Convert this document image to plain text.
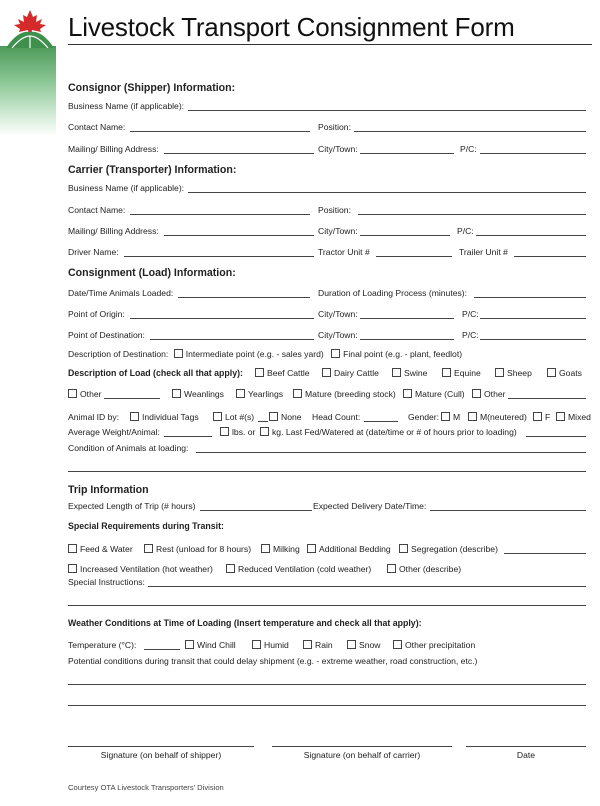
Livestock Transport Consignment Form
Consignor (Shipper) Information:
Business Name (if applicable):
Contact Name:	Position:
Mailing/ Billing Address:	City/Town:	P/C:
Carrier (Transporter) Information:
Business Name (if applicable):
Contact Name:	Position:
Mailing/ Billing Address:	City/Town:	P/C:
Driver Name:	Tractor Unit #	Trailer Unit #
Consignment (Load) Information:
Date/Time Animals Loaded:	Duration of Loading Process (minutes):
Point of Origin:	City/Town:	P/C:
Point of Destination:	City/Town:	P/C:
Description of Destination: Intermediate point (e.g. - sales yard) Final point (e.g. - plant, feedlot)
Description of Load (check all that apply):	Beef Cattle	Dairy Cattle	Swine	Equine	Sheep	Goats
Other	Weanlings	Yearlings	Mature (breeding stock)	Mature (Cull)	Other
Animal ID by:	Individual Tags	Lot #(s)	None Head Count:	Gender:	M	M(neutered)	F	Mixed
Average Weight/Animal:	lbs. or	kg. Last Fed/Watered at (date/time or # of hours prior to loading)
Condition of Animals at loading:
Trip Information
Expected Length of Trip (# hours)	Expected Delivery Date/Time:
Special Requirements during Transit:
Feed & Water	Rest (unload for 8 hours)	Milking	Additional Bedding	Segregation (describe)
Increased Ventilation (hot weather)	Reduced Ventilation (cold weather)	Other (describe)
Special Instructions:
Weather Conditions at Time of Loading (Insert temperature and check all that apply):
Temperature (°C):	Wind Chill	Humid	Rain	Snow	Other precipitation
Potential conditions during transit that could delay shipment (e.g. - extreme weather, road construction, etc.)
Signature (on behalf of shipper)	Signature (on behalf of carrier)	Date
Courtesy OTA Livestock Transporters' Division
